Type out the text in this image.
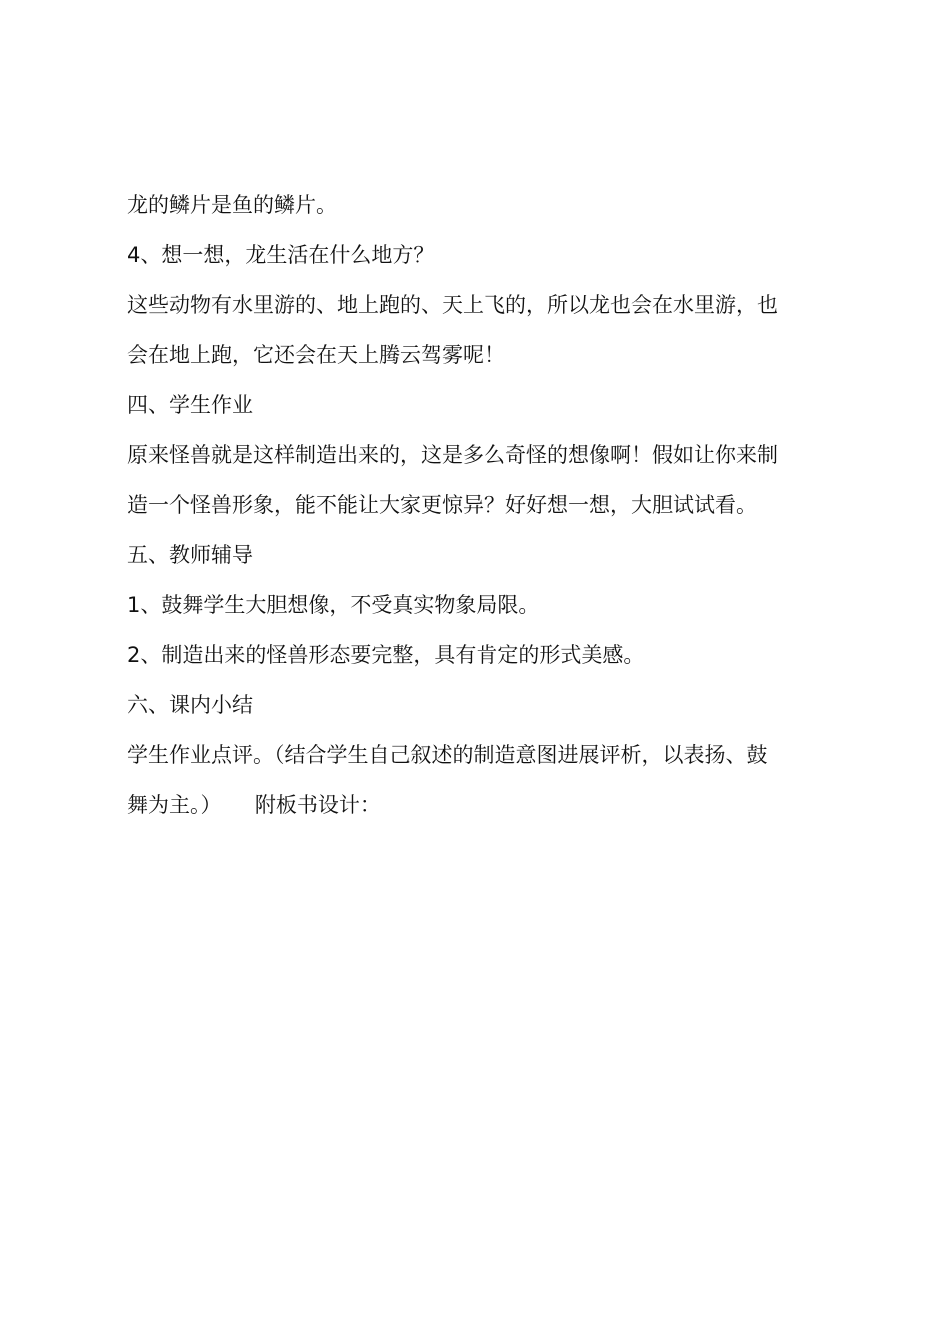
龙的鳞片是鱼的鳞片。
4、想一想，龙生活在什么地方？
这些动物有水里游的、地上跑的、天上飞的，所以龙也会在水里游，也
会在地上跑，它还会在天上腾云驾雾呢！
四、学生作业
原来怪兽就是这样制造出来的，这是多么奇怪的想像啊！假如让你来制
造一个怪兽形象，能不能让大家更惊异？好好想一想，大胆试试看。
五、教师辅导
1、鼓舞学生大胆想像，不受真实物象局限。
2、制造出来的怪兽形态要完整，具有肯定的形式美感。
六、课内小结
学生作业点评。（结合学生自己叙述的制造意图进展评析，以表扬、鼓
舞为主。）     附板书设计：
